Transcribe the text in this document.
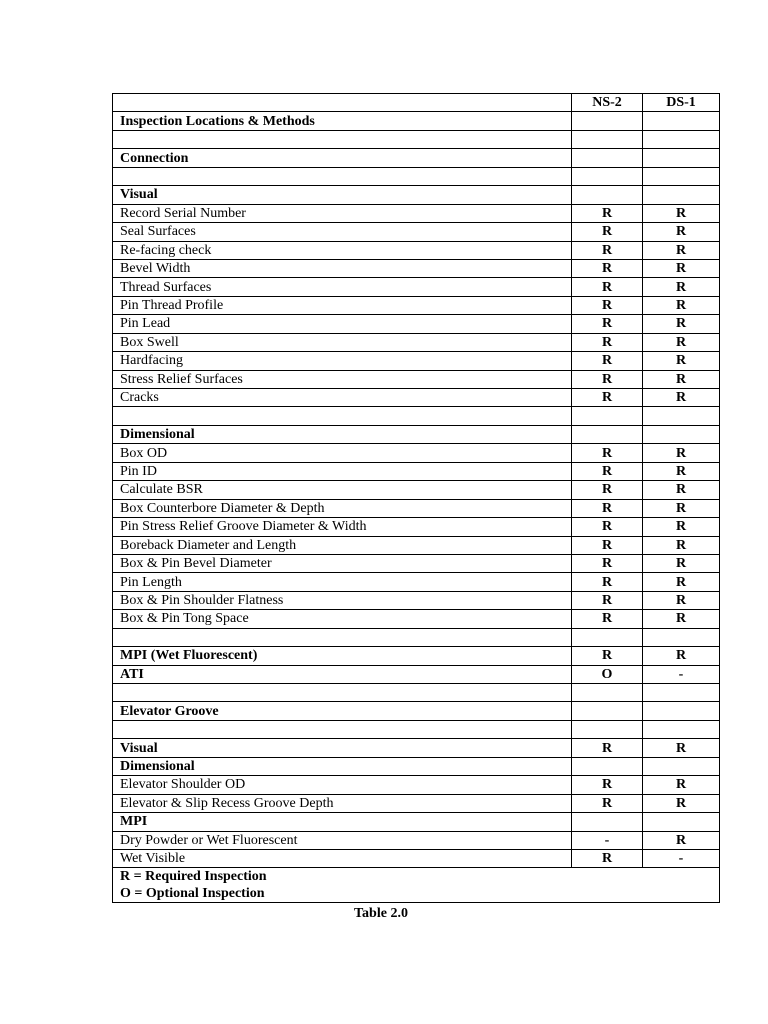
	NS-2	DS-1
Inspection Locations & Methods		

Connection		

Visual		
Record Serial Number	R	R
Seal Surfaces	R	R
Re-facing check	R	R
Bevel Width	R	R
Thread Surfaces	R	R
Pin Thread Profile	R	R
Pin Lead	R	R
Box Swell	R	R
Hardfacing	R	R
Stress Relief Surfaces	R	R
Cracks	R	R

Dimensional		
Box OD	R	R
Pin ID	R	R
Calculate BSR	R	R
Box Counterbore Diameter & Depth	R	R
Pin Stress Relief Groove Diameter & Width	R	R
Boreback Diameter and Length	R	R
Box & Pin Bevel Diameter	R	R
Pin Length	R	R
Box & Pin Shoulder Flatness	R	R
Box & Pin Tong Space	R	R

MPI (Wet Fluorescent)	R	R
ATI	O	-

Elevator Groove		

Visual	R	R
Dimensional		
Elevator Shoulder OD	R	R
Elevator & Slip Recess Groove Depth	R	R
MPI		
Dry Powder or Wet Fluorescent	-	R
Wet Visible	R	-

R = Required Inspection
O = Optional Inspection		
Table 2.0
